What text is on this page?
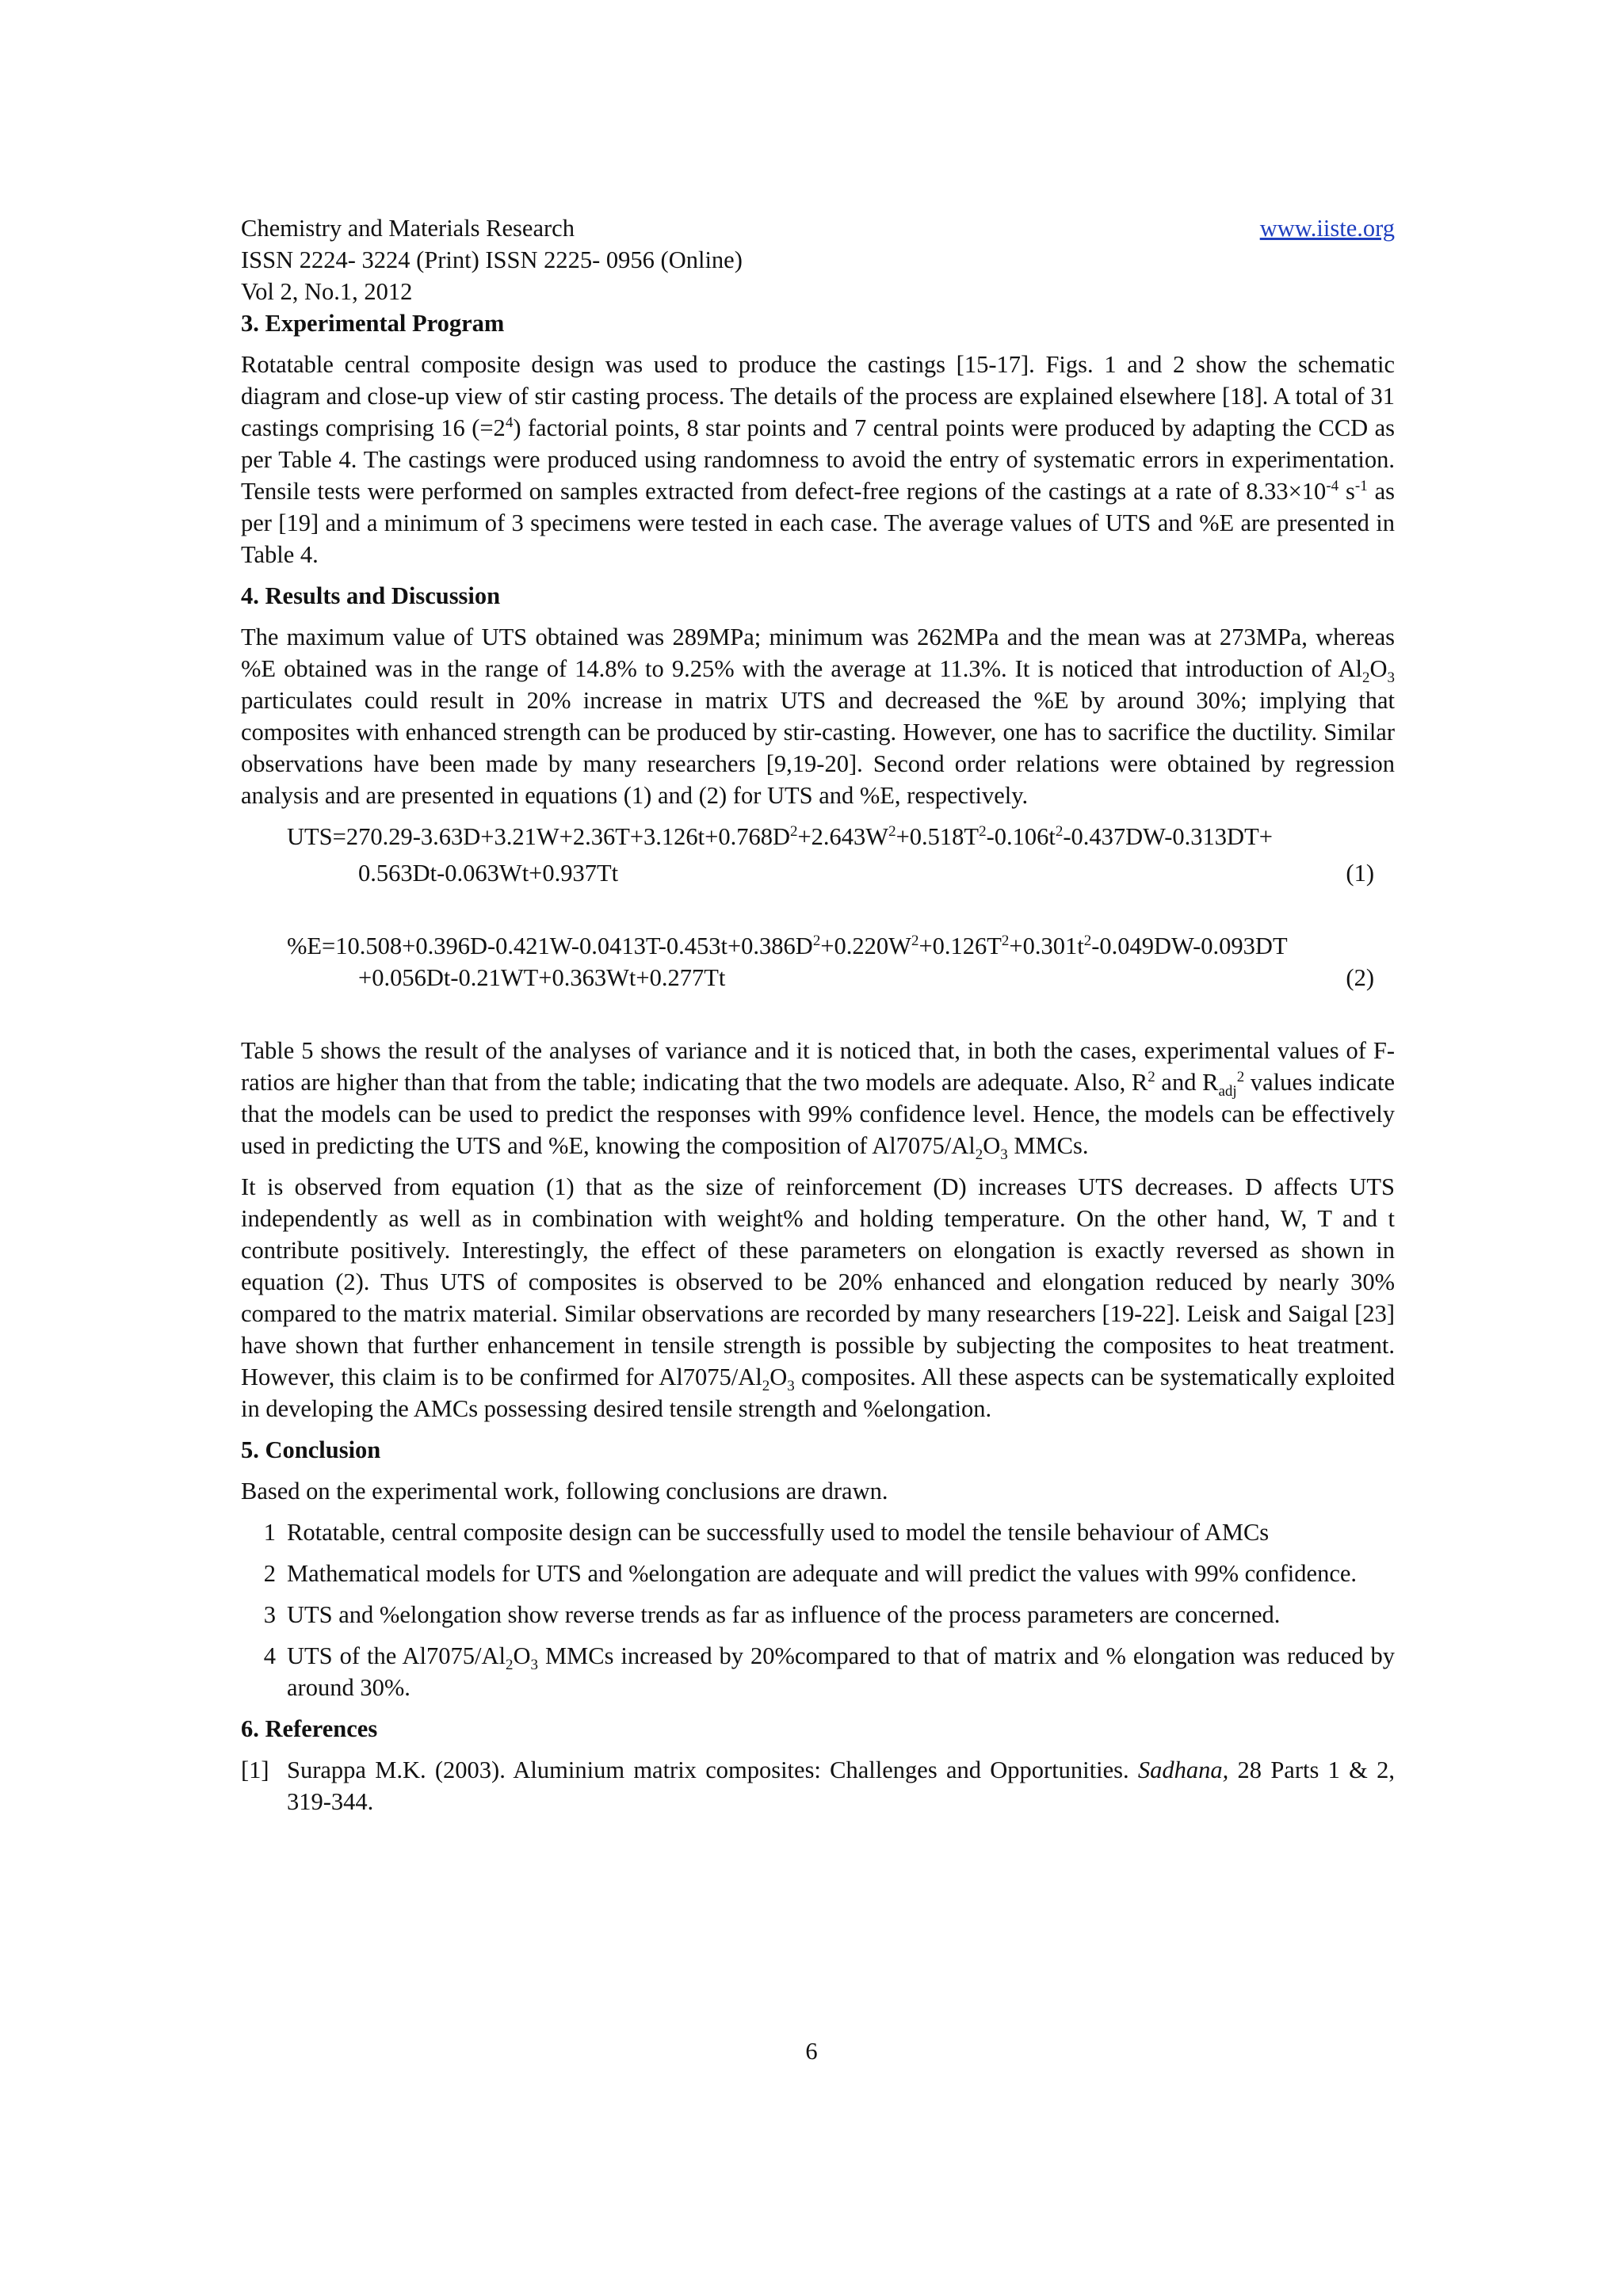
Chemistry and Materials Research	www.iiste.org
ISSN 2224- 3224 (Print) ISSN 2225- 0956 (Online)
Vol 2, No.1, 2012
3. Experimental Program

Rotatable central composite design was used to produce the castings [15-17]. Figs. 1 and 2 show the schematic diagram and close-up view of stir casting process. The details of the process are explained elsewhere [18]. A total of 31 castings comprising 16 $(=2^4)$ factorial points, 8 star points and 7 central points were produced by adapting the CCD as per Table 4. The castings were produced using randomness to avoid the entry of systematic errors in experimentation. Tensile tests were performed on samples extracted from defect-free regions of the castings at a rate of $8.33\times 10^{-4}$ $s^{-1}$ as per [19] and a minimum of 3 specimens were tested in each case. The average values of UTS and %E are presented in Table 4.

4. Results and Discussion

The maximum value of UTS obtained was 289MPa; minimum was 262MPa and the mean was at 273MPa, whereas %E obtained was in the range of 14.8% to 9.25% with the average at 11.3%. It is noticed that introduction of $Al_2O_3$ particulates could result in 20% increase in matrix UTS and decreased the %E by around 30%; implying that composites with enhanced strength can be produced by stir-casting. However, one has to sacrifice the ductility. Similar observations have been made by many researchers [9,19-20]. Second order relations were obtained by regression analysis and are presented in equations (1) and (2) for UTS and %E, respectively.

$UTS=270.29-3.63D+3.21W+2.36T+3.126t+0.768D^2+2.643W^2+0.518T^2-0.106t^2-0.437DW-0.313DT+$
0.563Dt-0.063Wt+0.937Tt	(1)
$\%E=10.508+0.396D-0.421W-0.0413T-0.453t+0.386D^2+0.220W^2+0.126T^2+0.301t^2-0.049DW-0.093DT$
+0.056Dt-0.21WT+0.363Wt+0.277Tt	(2)

Table 5 shows the result of the analyses of variance and it is noticed that, in both the cases, experimental values of F-ratios are higher than that from the table; indicating that the two models are adequate. Also, $R^2$ and $R_{adj}^2$ values indicate that the models can be used to predict the responses with 99% confidence level. Hence, the models can be effectively used in predicting the UTS and %E, knowing the composition of $Al7075/Al_2O_3$ MMCs.

It is observed from equation (1) that as the size of reinforcement (D) increases UTS decreases. D affects UTS independently as well as in combination with weight% and holding temperature. On the other hand, W, T and t contribute positively. Interestingly, the effect of these parameters on elongation is exactly reversed as shown in equation (2). Thus UTS of composites is observed to be 20% enhanced and elongation reduced by nearly 30% compared to the matrix material. Similar observations are recorded by many researchers [19-22]. Leisk and Saigal [23] have shown that further enhancement in tensile strength is possible by subjecting the composites to heat treatment. However, this claim is to be confirmed for $Al7075/Al_2O_3$ composites. All these aspects can be systematically exploited in developing the AMCs possessing desired tensile strength and %elongation.

5. Conclusion

Based on the experimental work, following conclusions are drawn.

1 Rotatable, central composite design can be successfully used to model the tensile behaviour of AMCs
2 Mathematical models for UTS and %elongation are adequate and will predict the values with 99% confidence.
3 UTS and %elongation show reverse trends as far as influence of the process parameters are concerned.
4 UTS of the $Al7075/Al_2O_3$ MMCs increased by 20%compared to that of matrix and % elongation was reduced by around 30%.
6. References
[1] Surappa M.K. (2003). Aluminium matrix composites: Challenges and Opportunities. Sadhana, 28 Parts 1 & 2, 319-344.
6
